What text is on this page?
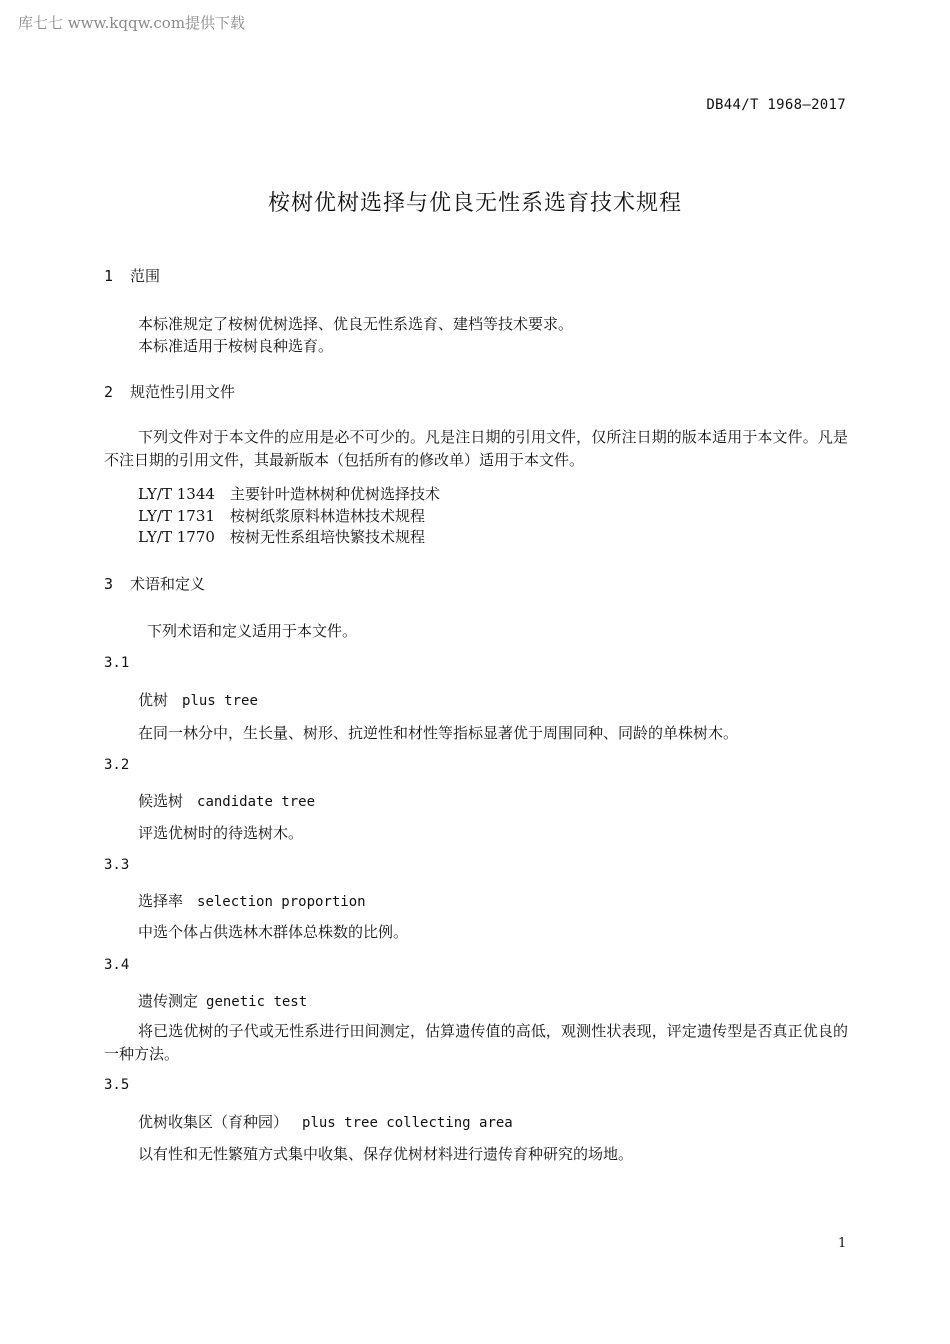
库七七 www.kqqw.com提供下载
DB44/T 1968—2017
桉树优树选择与优良无性系选育技术规程
1 范围
本标准规定了桉树优树选择、优良无性系选育、建档等技术要求。
本标准适用于桉树良种选育。
2 规范性引用文件
下列文件对于本文件的应用是必不可少的。凡是注日期的引用文件，仅所注日期的版本适用于本文件。凡是不注日期的引用文件，其最新版本（包括所有的修改单）适用于本文件。
LY/T 1344 主要针叶造林树种优树选择技术
LY/T 1731 桉树纸浆原料林造林技术规程
LY/T 1770 桉树无性系组培快繁技术规程
3 术语和定义
下列术语和定义适用于本文件。
3.1
优树 plus tree
在同一林分中，生长量、树形、抗逆性和材性等指标显著优于周围同种、同龄的单株树木。
3.2
候选树 candidate tree
评选优树时的待选树木。
3.3
选择率 selection proportion
中选个体占供选林木群体总株数的比例。
3.4
遗传测定 genetic test
将已选优树的子代或无性系进行田间测定，估算遗传值的高低，观测性状表现，评定遗传型是否真正优良的一种方法。
3.5
优树收集区（育种园） plus tree collecting area
以有性和无性繁殖方式集中收集、保存优树材料进行遗传育种研究的场地。
1
